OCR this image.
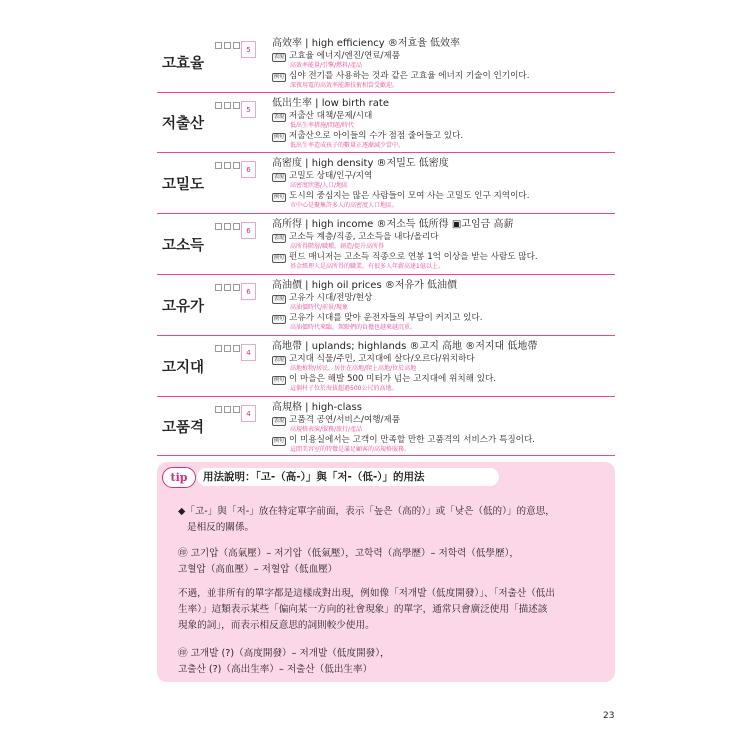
고효율
5
高效率 | high efficiency ®저효율 低效率
表現 고효율 에너지/엔진/연료/제품
高效率能量/引擎/燃料/產品
例句 심야 전기를 사용하는 것과 같은 고효율 에너지 기술이 인기이다.
深夜用電的高效率能源技術相當受歡迎。
저출산
5
低出生率 | low birth rate
表現 저출산 대책/문제/시대
低出生率措施/問題/時代
例句 저출산으로 아이들의 수가 점점 줄어들고 있다.
低出生率造成孩子的數量正逐漸減少當中。
고밀도
6
高密度 | high density ®저밀도 低密度
表現 고밀도 상태/인구/지역
高密度狀態/人口/地區
例句 도시의 중심지는 많은 사람들이 모여 사는 고밀도 인구 지역이다.
市中心是聚集許多人的高密度人口地區。
고소득
6
高所得 | high income ®저소득 低所得 ▣고임금 高薪
表現 고소득 계층/직종, 고소득을 내다/올리다
高所得階層/職種，創造/提升高所得
例句 펀드 매니저는 고소득 직종으로 연봉 1억 이상을 받는 사람도 많다.
基金經理人是高所得的職業，有很多人年薪高達1億以上。
고유가
6
高油價 | high oil prices ®저유가 低油價
表現 고유가 시대/전망/현상
高油價時代/前景/現象
例句 고유가 시대를 맞아 운전자들의 부담이 커지고 있다.
高油價時代來臨，駕駛們的負擔也越來越沉重。
고지대
4
高地帶 | uplands; highlands ®고지 高地 ®저지대 低地帶
表現 고지대 식물/주민, 고지대에 살다/오르다/위치하다
高地植物/居民，居住在高地/爬上高地/位於高地
例句 이 마을은 해발 500 미터가 넘는 고지대에 위치해 있다.
這個村子位於海拔超過500公尺的高地。
고품격
4
高規格 | high-class
表現 고품격 공연/서비스/여행/제품
高規格表演/服務/旅行/產品
例句 이 미용실에서는 고객이 만족할 만한 고품격의 서비스가 특징이다.
這間美容室的特徵是滿足顧客的高規格服務。
tip	用法說明：「고-（高-）」與「저-（低-）」的用法
◆「고-」與「저-」放在特定單字前面，表示「높은（高的）」或「낮은（低的）」的意思，
是相反的關係。
㊞ 고기압（高氣壓）– 저기압（低氣壓），고학력（高學歷）– 저학력（低學歷），
고혈압（高血壓）– 저혈압（低血壓）
不過，並非所有的單字都是這樣成對出現，例如像「저개발（低度開發）」、「저출산（低出
生率）」這類表示某些「偏向某一方向的社會現象」的單字，通常只會廣泛使用「描述該
現象的詞」，而表示相反意思的詞則較少使用。
㊞ 고개발 (?)（高度開發）– 저개발（低度開發），
고출산 (?)（高出生率）– 저출산（低出生率）
23
